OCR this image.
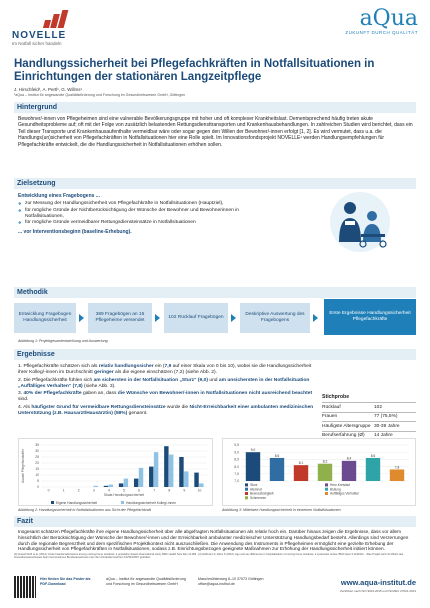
NOVELLE
Im Notfall sicher handeln
aQua
ZUKUNFT DURCH QUALITÄT
Handlungssicherheit bei Pflegefachkräften in Notfallsituationen in Einrichtungen der stationären Langzeitpflege
J. Hirschfeld¹, A. Pertl¹, G. Willms¹
¹aQua – Institut für angewandte Qualitätsförderung und Forschung im Gesundheitswesen GmbH, Göttingen
Hintergrund
Bewohner/-innen von Pflegeheimen sind eine vulnerable Bevölkerungsgruppe mit hoher und oft komplexer Krankheitslast. Dementsprechend häufig treten akute Gesundheitsprobleme auf; oft mit der Folge von zusätzlich belastenden Rettungsdiensttransporten und Krankenhausbehandlungen. In zahlreichen Studien wird berichtet, dass ein Teil dieser Transporte und Krankenhausaufenthalte vermeidbar wäre oder sogar gegen den Willen der Bewohner/-innen erfolgt [1, 2]. Es wird vermutet, dass u.a. die Handlungs(un)sicherheit von Pflegefachkräften in Notfallsituationen hier eine Rolle spielt. Im Innovationsfondsprojekt NOVELLE¹ werden Handlungsempfehlungen für Pflegefachkräfte entwickelt, die die Handlungssicherheit in Notfallsituationen erhöhen sollen.
Zielsetzung
Entwicklung eines Fragebogens ...
❖ zur Messung der Handlungssicherheit von Pflegefachkräfte in Notfallsituationen (Hauptziel),
❖ für mögliche Gründe der Nichtberücksichtigung der Wünsche der Bewohner und Bewohnerinnen in Notfallsituationen,
❖ für mögliche Gründe vermeidbarer Rettungsdiensteinsätze in Notfallsituationen
... vor Interventionsbeginn (baseline-Erhebung).
Methodik
Entwicklung Fragebogen Handlungssicherheit
389 Fragebögen an 15 Pflegeheime versendet
102 Rücklauf Fragebögen
Deskriptive Auswertung des Fragebogens
Erste Ergebnisse Handlungssicherheit Pflegefachkräfte
Abbildung 1: Projektgesamtentwicklung und Auswertung
Ergebnisse
1. Pflegefachkräfte schätzen sich als relativ handlungssicher ein (7,9 auf einer Skala von 0 bis 10), wobei sie die Handlungssicherheit ihrer Kolleg/-innen im Durchschnitt geringer als die eigene einschätzen (7,2) (siehe Abb. 2).
2. Die Pflegefachkräfte fühlen sich am sichersten in der Notfallsituation „Sturz“ (9,0) und am unsichersten in der Notfallsituation „Auffälliges Verhalten“ (7,8) (siehe Abb. 3).
3. 40% der Pflegefachkräfte gaben an, dass die Wünsche von Bewohner/-innen in Notfallsituationen nicht ausreichend beachtet sind.
4. Als häufigster Grund für vermeidbare Rettungsdiensteinsätze wurde die Nicht-Erreichbarkeit einer ambulanten medizinischen Unterstützung (z.B. Hausarzt/Hausärztin) (58%) genannt.
Stichprobe
Rücklauf	102
Frauen	77 (75,5%)
Häufigste Altersgruppe 30-39 Jahre
Berufserfahrung (Ø)	14 Jahre
0
5
10
15
20
25
30
35
0	1	2	3	4	5	6	7	8	9	10
Anzahl Pflegefachkräfte
Skala Handlungssicherheit
Eigene Handlungssicherheit	Handlungssicherheit Kolleg/-innen
Abbildung 2: Handlungssicherheit in Notfallsituationen aus Sicht der Pflegefachkraft
7,0
7,5
8,0
8,5
9,0
9,5
9,0
8,6
8,1	8,2
8,4
8,6
7,8
Sturz
Atemnot
Bewusstlosigkeit
Schmerzen
Herz-Kreislauf
Blutung
Auffälliges Verhalten
Abbildung 3: Mittelwert Handlungssicherheit in einzelnen Notfallsituationen
Fazit
Insgesamt schätzen Pflegefachkräfte ihre eigene Handlungssicherheit über alle abgefragten Notfallsituationen als relativ hoch ein. Darüber hinaus zeigen die Ergebnisse, dass vor allem hinsichtlich der Berücksichtigung der Wünsche der Bewohner/-innen und der Erreichbarkeit ambulanter medizinischer Unterstützung Handlungsbedarf besteht. Allerdings sind Verzerrungen durch die regionale Begrenztheit und dem spezifischen Projektkontext nicht auszuschließen. Die Anwendung des Instruments in Pflegeheimen ermöglicht eine gezielte Erhebung der Handlungssicherheit von Pflegefachkräften in Notfallsituationen, sodass z.B. Einrichtungsbezogen geeignete Maßnahmen zur Erhöhung der Handlungssicherheit initiiert können.
[1] Graverholt B et al. (2014): Acute hospital admissions among nursing home residents: a population-based observational study. BMC Health Serv Res 14:386 · [2] Hoffmann F, Allers K (2016): Age and sex differences in hospitalisation of nursing home residents: a systematic review. BMJ Open 6:e011912 · ¹Das Projekt wird mit Mitteln des Innovationsausschusses beim Gemeinsamen Bundesausschuss unter dem Förderkennzeichen 01VSF18007 gefördert.
Hier finden Sie das Poster als PDF-Download
aQua – Institut für angewandte Qualitätsförderung und Forschung im Gesundheitswesen GmbH
Maschmühlenweg 8–10 37073 Göttingen office@aqua-institut.de	www.aqua-institut.de
Zertifiziert nach ISO 9001:2015 und ISO/IEC 27001:2013
